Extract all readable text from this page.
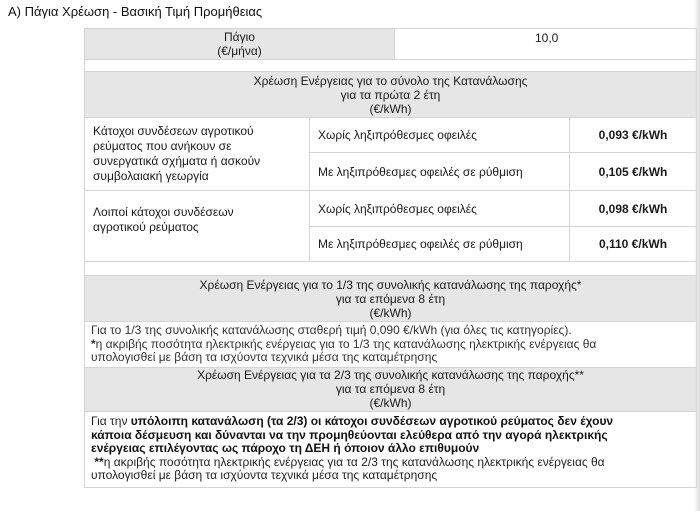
Α) Πάγια Χρέωση - Βασική Τιμή Προμήθειας
Πάγιο
(€/μήνα)		10,0	

Χρέωση Ενέργειας για το σύνολο της Κατανάλωσης
για τα πρώτα 2 έτη
(€/kWh)			

Κάτοχοι συνδέσεων αγροτικού
ρεύματος που ανήκουν σε
συνεργατικά σχήματα ή ασκούν
συμβολαιακή γεωργία	Χωρίς ληξιπρόθεσμες οφειλές		0,093 €/kWh
	Με ληξιπρόθεσμες οφειλές σε ρύθμιση		0,105 €/kWh

Λοιποί κάτοχοι συνδέσεων
αγροτικού ρεύματος	Χωρίς ληξιπρόθεσμες οφειλές		0,098 €/kWh
	Με ληξιπρόθεσμες οφειλές σε ρύθμιση		0,110 €/kWh

Χρέωση Ενέργειας για το 1/3 της συνολικής κατανάλωσης της παροχής*
για τα επόμενα 8 έτη
(€/kWh)			

Για το 1/3 της συνολικής κατανάλωσης σταθερή τιμή 0,090 €/kWh (για όλες τις κατηγορίες).
*η ακριβής ποσότητα ηλεκτρικής ενέργειας για το 1/3 της κατανάλωσης ηλεκτρικής ενέργειας θα
υπολογισθεί με βάση τα ισχύοντα τεχνικά μέσα της καταμέτρησης			

Χρέωση Ενέργειας για τα 2/3 της συνολικής κατανάλωσης της παροχής**
για τα επόμενα 8 έτη
(€/kWh)			

Για την υπόλοιπη κατανάλωση (τα 2/3) οι κάτοχοι συνδέσεων αγροτικού ρεύματος δεν έχουν
κάποια δέσμευση και δύνανται να την προμηθεύονται ελεύθερα από την αγορά ηλεκτρικής
ενέργειας επιλέγοντας ως πάροχο τη ΔΕΗ ή όποιον άλλο επιθυμούν
**η ακριβής ποσότητα ηλεκτρικής ενέργειας για τα 2/3 της κατανάλωσης ηλεκτρικής ενέργειας θα
υπολογισθεί με βάση τα ισχύοντα τεχνικά μέσα της καταμέτρησης			
